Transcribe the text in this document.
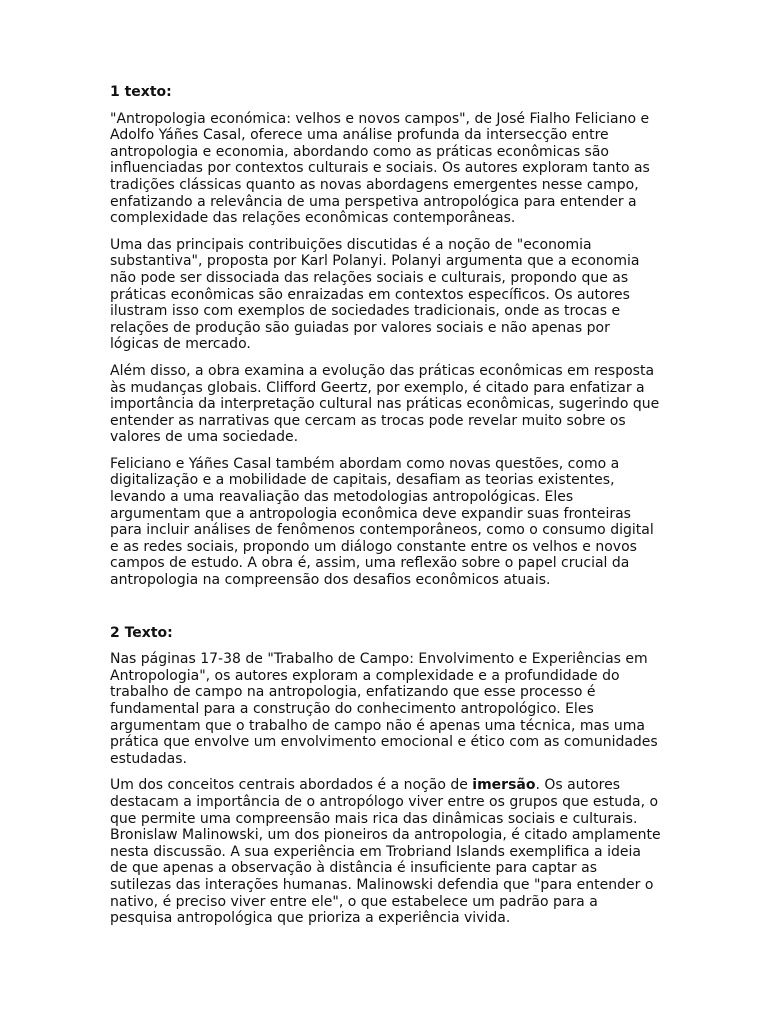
1 texto:

"Antropologia económica: velhos e novos campos", de José Fialho Feliciano e Adolfo Yáñes Casal, oferece uma análise profunda da intersecção entre antropologia e economia, abordando como as práticas econômicas são influenciadas por contextos culturais e sociais. Os autores exploram tanto as tradições clássicas quanto as novas abordagens emergentes nesse campo, enfatizando a relevância de uma perspetiva antropológica para entender a complexidade das relações econômicas contemporâneas.

Uma das principais contribuições discutidas é a noção de "economia substantiva", proposta por Karl Polanyi. Polanyi argumenta que a economia não pode ser dissociada das relações sociais e culturais, propondo que as práticas econômicas são enraizadas em contextos específicos. Os autores ilustram isso com exemplos de sociedades tradicionais, onde as trocas e relações de produção são guiadas por valores sociais e não apenas por lógicas de mercado.

Além disso, a obra examina a evolução das práticas econômicas em resposta às mudanças globais. Clifford Geertz, por exemplo, é citado para enfatizar a importância da interpretação cultural nas práticas econômicas, sugerindo que entender as narrativas que cercam as trocas pode revelar muito sobre os valores de uma sociedade.

Feliciano e Yáñes Casal também abordam como novas questões, como a digitalização e a mobilidade de capitais, desafiam as teorias existentes, levando a uma reavaliação das metodologias antropológicas. Eles argumentam que a antropologia econômica deve expandir suas fronteiras para incluir análises de fenômenos contemporâneos, como o consumo digital e as redes sociais, propondo um diálogo constante entre os velhos e novos campos de estudo. A obra é, assim, uma reflexão sobre o papel crucial da antropologia na compreensão dos desafios econômicos atuais.

2 Texto:

Nas páginas 17-38 de "Trabalho de Campo: Envolvimento e Experiências em Antropologia", os autores exploram a complexidade e a profundidade do trabalho de campo na antropologia, enfatizando que esse processo é fundamental para a construção do conhecimento antropológico. Eles argumentam que o trabalho de campo não é apenas uma técnica, mas uma prática que envolve um envolvimento emocional e ético com as comunidades estudadas.

Um dos conceitos centrais abordados é a noção de imersão. Os autores destacam a importância de o antropólogo viver entre os grupos que estuda, o que permite uma compreensão mais rica das dinâmicas sociais e culturais. Bronislaw Malinowski, um dos pioneiros da antropologia, é citado amplamente nesta discussão. A sua experiência em Trobriand Islands exemplifica a ideia de que apenas a observação à distância é insuficiente para captar as sutilezas das interações humanas. Malinowski defendia que "para entender o nativo, é preciso viver entre ele", o que estabelece um padrão para a pesquisa antropológica que prioriza a experiência vivida.
